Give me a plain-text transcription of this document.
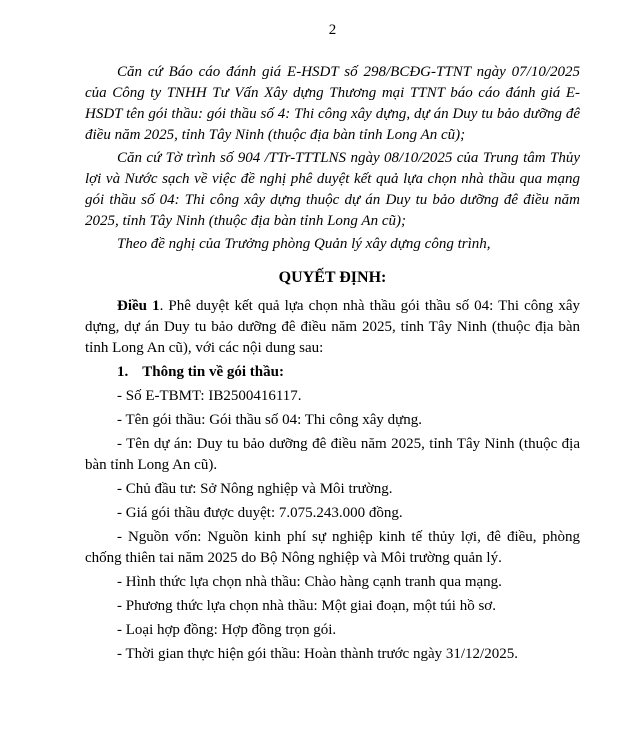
2

Căn cứ Báo cáo đánh giá E-HSDT số 298/BCĐG-TTNT ngày 07/10/2025 của Công ty TNHH Tư Vấn Xây dựng Thương mại TTNT báo cáo đánh giá E-HSDT tên gói thầu: gói thầu số 4: Thi công xây dựng, dự án Duy tu bảo dưỡng đê điều năm 2025, tỉnh Tây Ninh (thuộc địa bàn tỉnh Long An cũ);

Căn cứ Tờ trình số 904 /TTr-TTTLNS ngày 08/10/2025 của Trung tâm Thủy lợi và Nước sạch về việc đề nghị phê duyệt kết quả lựa chọn nhà thầu qua mạng gói thầu số 04: Thi công xây dựng thuộc dự án Duy tu bảo dưỡng đê điều năm 2025, tỉnh Tây Ninh (thuộc địa bàn tỉnh Long An cũ);

Theo đề nghị của Trưởng phòng Quản lý xây dựng công trình,

QUYẾT ĐỊNH:

Điều 1. Phê duyệt kết quả lựa chọn nhà thầu gói thầu số 04: Thi công xây dựng, dự án Duy tu bảo dưỡng đê điều năm 2025, tỉnh Tây Ninh (thuộc địa bàn tỉnh Long An cũ), với các nội dung sau:

1. Thông tin về gói thầu:

- Số E-TBMT: IB2500416117.

- Tên gói thầu: Gói thầu số 04: Thi công xây dựng.

- Tên dự án: Duy tu bảo dưỡng đê điều năm 2025, tỉnh Tây Ninh (thuộc địa bàn tỉnh Long An cũ).

- Chủ đầu tư: Sở Nông nghiệp và Môi trường.

- Giá gói thầu được duyệt: 7.075.243.000 đồng.

- Nguồn vốn: Nguồn kinh phí sự nghiệp kinh tế thủy lợi, đê điều, phòng chống thiên tai năm 2025 do Bộ Nông nghiệp và Môi trường quản lý.

- Hình thức lựa chọn nhà thầu: Chào hàng cạnh tranh qua mạng.

- Phương thức lựa chọn nhà thầu: Một giai đoạn, một túi hồ sơ.

- Loại hợp đồng: Hợp đồng trọn gói.

- Thời gian thực hiện gói thầu: Hoàn thành trước ngày 31/12/2025.
